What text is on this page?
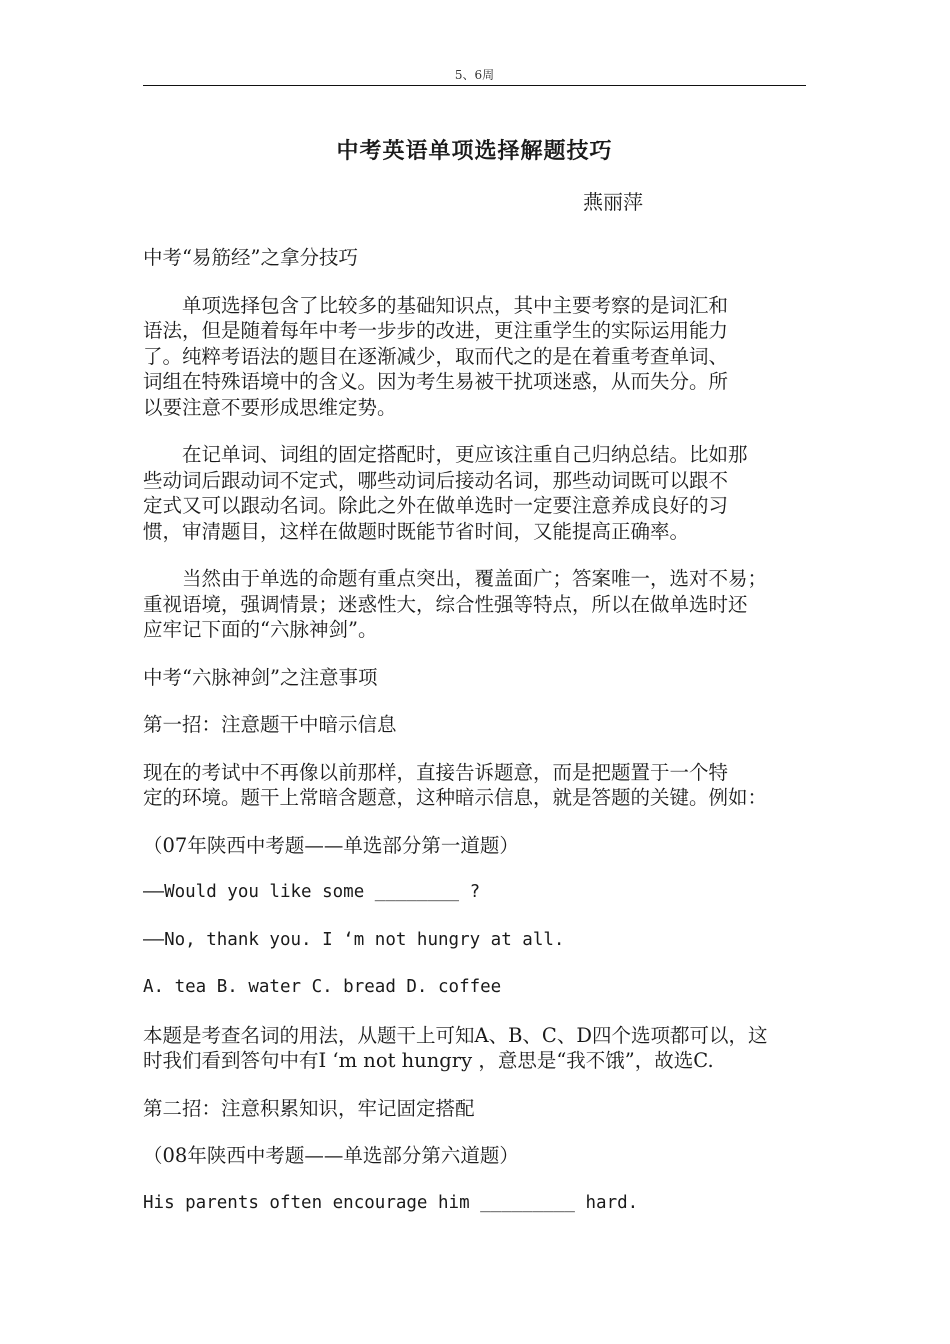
5、6周
中考英语单项选择解题技巧
燕丽萍

中考“易筋经”之拿分技巧

单项选择包含了比较多的基础知识点，其中主要考察的是词汇和

语法，但是随着每年中考一步步的改进，更注重学生的实际运用能力

了。纯粹考语法的题目在逐渐减少，取而代之的是在着重考查单词、

词组在特殊语境中的含义。因为考生易被干扰项迷惑，从而失分。所

以要注意不要形成思维定势。

在记单词、词组的固定搭配时，更应该注重自己归纳总结。比如那

些动词后跟动词不定式，哪些动词后接动名词，那些动词既可以跟不

定式又可以跟动名词。除此之外在做单选时一定要注意养成良好的习

惯，审清题目，这样在做题时既能节省时间，又能提高正确率。

当然由于单选的命题有重点突出，覆盖面广；答案唯一，选对不易；

重视语境，强调情景；迷惑性大，综合性强等特点，所以在做单选时还

应牢记下面的“六脉神剑”。

中考“六脉神剑”之注意事项

第一招：注意题干中暗示信息

现在的考试中不再像以前那样，直接告诉题意，而是把题置于一个特

定的环境。题干上常暗含题意，这种暗示信息，就是答题的关键。例如：

（07年陕西中考题——单选部分第一道题）

——Would you like some ________ ?

——No, thank you. I ‘m not hungry at all.

A. tea B. water C. bread D. coffee

本题是考查名词的用法，从题干上可知A、B、C、D四个选项都可以，这

时我们看到答句中有I ‘m not hungry ，意思是“我不饿”，故选C.

第二招：注意积累知识，牢记固定搭配

（08年陕西中考题——单选部分第六道题）

His parents often encourage him _________ hard.
